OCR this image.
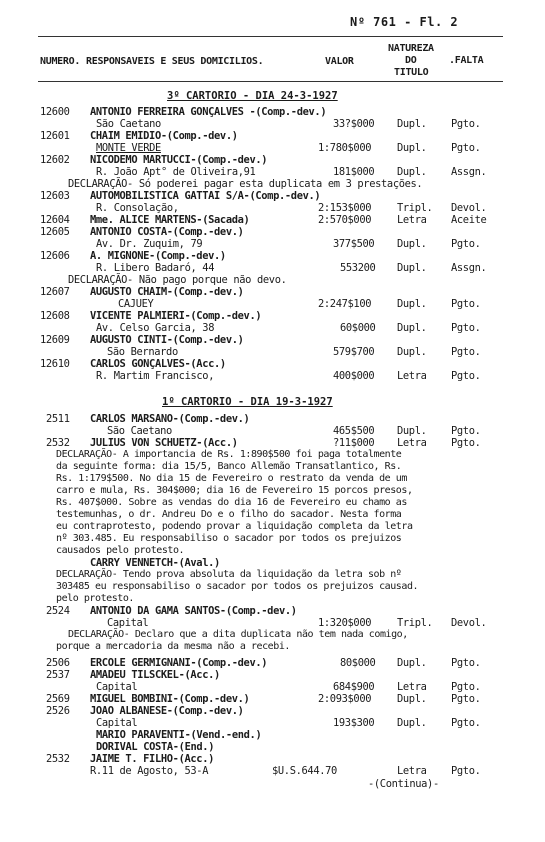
Nº 761 - Fl. 2
NUMERO. RESPONSAVEIS E SEUS DOMICILIOS.	VALOR
NATUREZA
DO
TITULO
.FALTA
3º CARTORIO - DIA 24-3-1927
12600 ANTONIO FERREIRA GONÇALVES -(Comp.-dev.)
São Caetano	33?$000 Dupl. Pgto.
12601 CHAIM EMIDIO-(Comp.-dev.)
MONTE VERDE	1:780$000 Dupl. Pgto.
12602 NICODEMO MARTUCCI-(Comp.-dev.)
R. João Apt° de Oliveira,91	181$000 Dupl. Assgn.
DECLARAÇÃO- Só poderei pagar esta duplicata em 3 prestações.
12603 AUTOMOBILISTICA GATTAI S/A-(Comp.-dev.)
R. Consolação,	2:153$000 Tripl. Devol.
12604 Mme. ALICE MARTENS-(Sacada)	2:570$000 Letra Aceite
12605 ANTONIO COSTA-(Comp.-dev.)
Av. Dr. Zuquim, 79	377$500 Dupl. Pgto.
12606 A. MIGNONE-(Comp.-dev.)
R. Libero Badaró, 44	553200 Dupl. Assgn.
DECLARAÇÃO- Não pago porque não devo.
12607 AUGUSTO CHAIM-(Comp.-dev.)
CAJUEY	2:247$100 Dupl. Pgto.
12608 VICENTE PALMIERI-(Comp.-dev.)
Av. Celso Garcia, 38	60$000 Dupl. Pgto.
12609 AUGUSTO CINTI-(Comp.-dev.)
São Bernardo	579$700 Dupl. Pgto.
12610 CARLOS GONÇALVES-(Acc.)
R. Martim Francisco,	400$000 Letra Pgto.
1º CARTORIO - DIA 19-3-1927
2511 CARLOS MARSANO-(Comp.-dev.)
São Caetano	465$500 Dupl. Pgto.
2532 JULIUS VON SCHUETZ-(Acc.)	?11$000 Letra Pgto.
DECLARAÇÃO- A importancia de Rs. 1:890$500 foi paga totalmente
da seguinte forma: dia 15/5, Banco Allemão Transatlantico, Rs.
Rs. 1:179$500. No dia 15 de Fevereiro o restrato da venda de um
carro e mula, Rs. 304$000; dia 16 de Fevereiro 15 porcos presos,
Rs. 407$000. Sobre as vendas do dia 16 de Fevereiro eu chamo as
testemunhas, o dr. Andreu Do e o filho do sacador. Nesta forma
eu contraprotesto, podendo provar a liquidação completa da letra
nº 303.485. Eu responsabiliso o sacador por todos os prejuizos
causados pelo protesto.
CARRY VENNETCH-(Aval.)
DECLARAÇÃO- Tendo prova absoluta da liquidação da letra sob nº
303485 eu responsabiliso o sacador por todos os prejuizos causad.
pelo protesto.
2524 ANTONIO DA GAMA SANTOS-(Comp.-dev.)
Capital	1:320$000 Tripl. Devol.
DECLARAÇÃO- Declaro que a dita duplicata não tem nada comigo,
porque a mercadoria da mesma não a recebi.
2506 ERCOLE GERMIGNANI-(Comp.-dev.)	80$000 Dupl. Pgto.
2537 AMADEU TILSCKEL-(Acc.)
Capital	684$900 Letra Pgto.
2569 MIGUEL BOMBINI-(Comp.-dev.)	2:093$000 Dupl. Pgto.
2526 JOAO ALBANESE-(Comp.-dev.)
Capital	193$300 Dupl. Pgto.
MARIO PARAVENTI-(Vend.-end.)
DORIVAL COSTA-(End.)
2532 JAIME T. FILHO-(Acc.)
R.11 de Agosto, 53-A	$U.S.644.70	Letra Pgto.
-(Continua)-
